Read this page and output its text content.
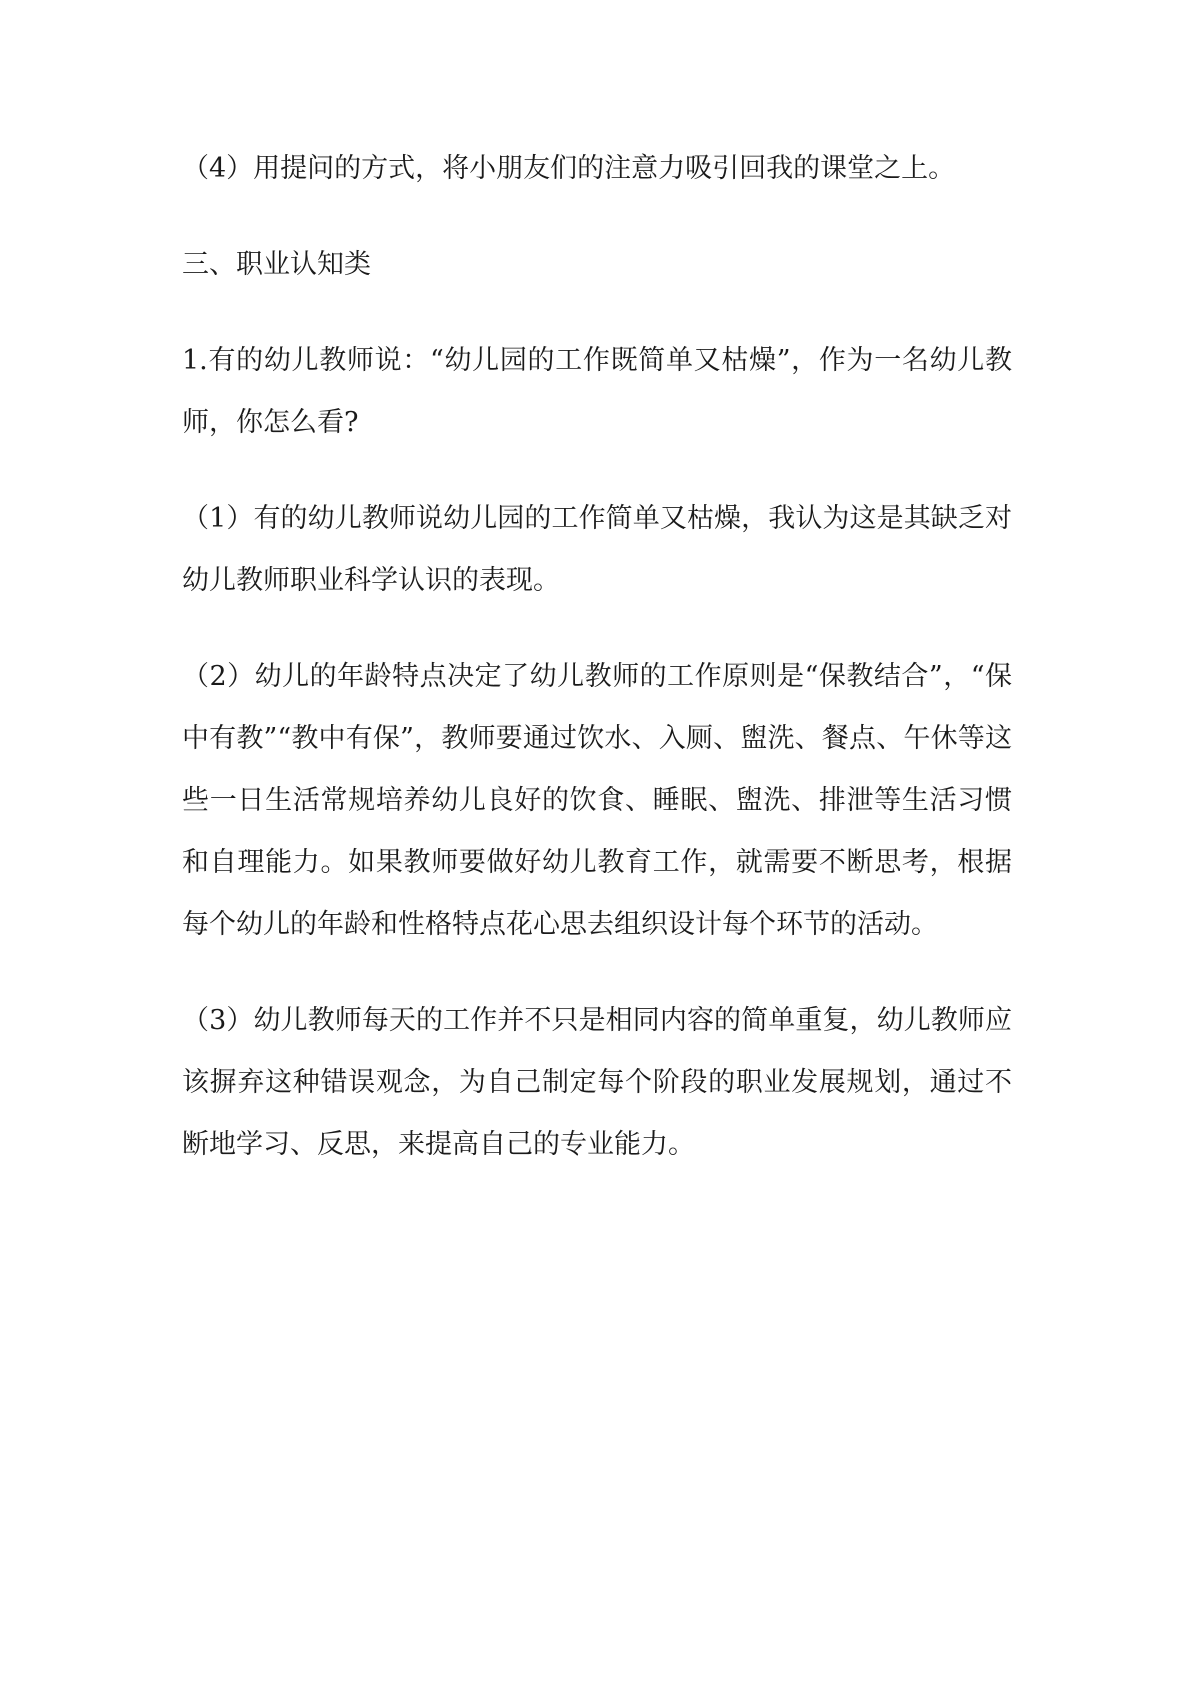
（4）用提问的方式，将小朋友们的注意力吸引回我的课堂之上。

三、职业认知类

1.有的幼儿教师说：“幼儿园的工作既简单又枯燥”，作为一名幼儿教师，你怎么看?

（1）有的幼儿教师说幼儿园的工作简单又枯燥，我认为这是其缺乏对幼儿教师职业科学认识的表现。

（2）幼儿的年龄特点决定了幼儿教师的工作原则是“保教结合”，“保中有教”“教中有保”，教师要通过饮水、入厕、盥洗、餐点、午休等这些一日生活常规培养幼儿良好的饮食、睡眠、盥洗、排泄等生活习惯和自理能力。如果教师要做好幼儿教育工作，就需要不断思考，根据每个幼儿的年龄和性格特点花心思去组织设计每个环节的活动。

（3）幼儿教师每天的工作并不只是相同内容的简单重复，幼儿教师应该摒弃这种错误观念，为自己制定每个阶段的职业发展规划，通过不断地学习、反思，来提高自己的专业能力。
